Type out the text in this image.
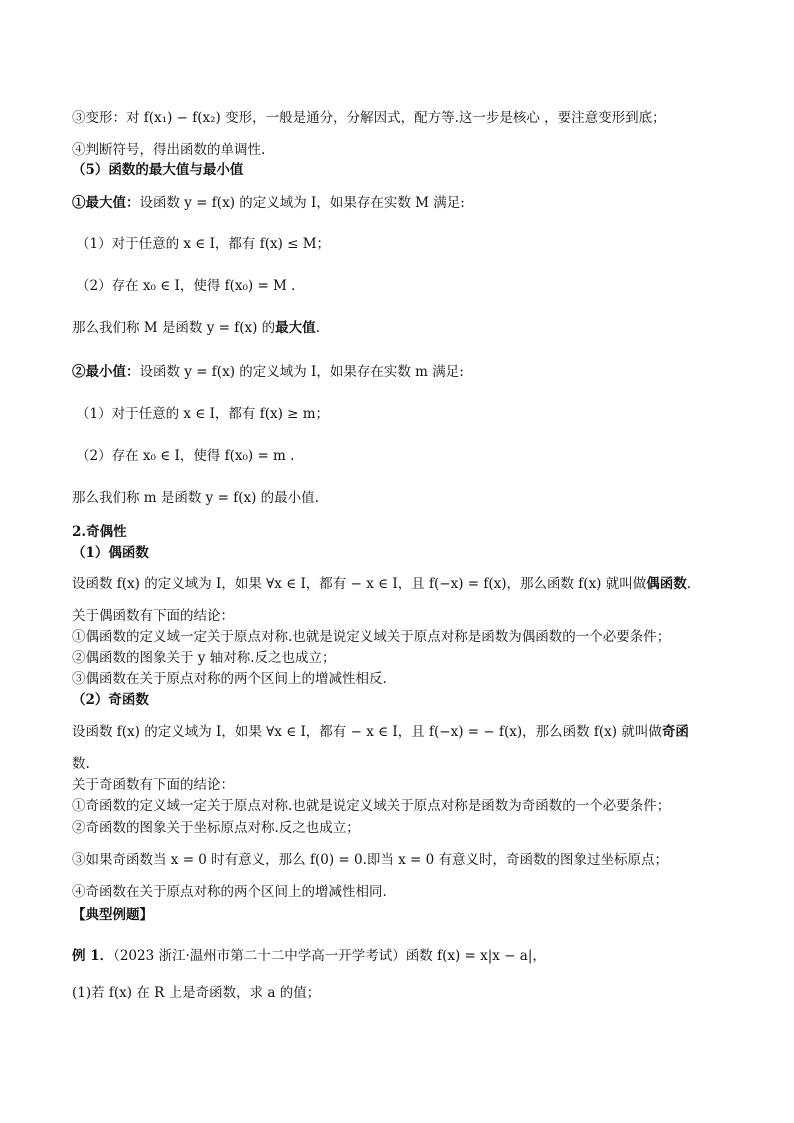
③变形：对 f(x₁) − f(x₂) 变形，一般是通分，分解因式，配方等.这一步是核心 ，要注意变形到底；
④判断符号，得出函数的单调性.
（5）函数的最大值与最小值
①最大值：设函数 y = f(x) 的定义域为 I，如果存在实数 M 满足:
（1）对于任意的 x ∈ I，都有 f(x) ≤ M；
（2）存在 x₀ ∈ I，使得 f(x₀) = M .
那么我们称 M 是函数 y = f(x) 的最大值.
②最小值：设函数 y = f(x) 的定义域为 I，如果存在实数 m 满足:
（1）对于任意的 x ∈ I，都有 f(x) ≥ m；
（2）存在 x₀ ∈ I，使得 f(x₀) = m .
那么我们称 m 是函数 y = f(x) 的最小值.
2.奇偶性
（1）偶函数
设函数 f(x) 的定义域为 I，如果 ∀x ∈ I，都有 − x ∈ I，且 f(−x) = f(x)，那么函数 f(x) 就叫做偶函数.
关于偶函数有下面的结论：
①偶函数的定义域一定关于原点对称.也就是说定义域关于原点对称是函数为偶函数的一个必要条件；
②偶函数的图象关于 y 轴对称.反之也成立；
③偶函数在关于原点对称的两个区间上的增减性相反.
（2）奇函数
设函数 f(x) 的定义域为 I，如果 ∀x ∈ I，都有 − x ∈ I，且 f(−x) = − f(x)，那么函数 f(x) 就叫做奇函
数.
关于奇函数有下面的结论：
①奇函数的定义域一定关于原点对称.也就是说定义域关于原点对称是函数为奇函数的一个必要条件；
②奇函数的图象关于坐标原点对称.反之也成立；
③如果奇函数当 x = 0 时有意义，那么 f(0) = 0.即当 x = 0 有意义时，奇函数的图象过坐标原点；
④奇函数在关于原点对称的两个区间上的增减性相同.
【典型例题】
例 1．（2023 浙江·温州市第二十二中学高一开学考试）函数 f(x) = x|x − a|，
(1)若 f(x) 在 R 上是奇函数，求 a 的值；
